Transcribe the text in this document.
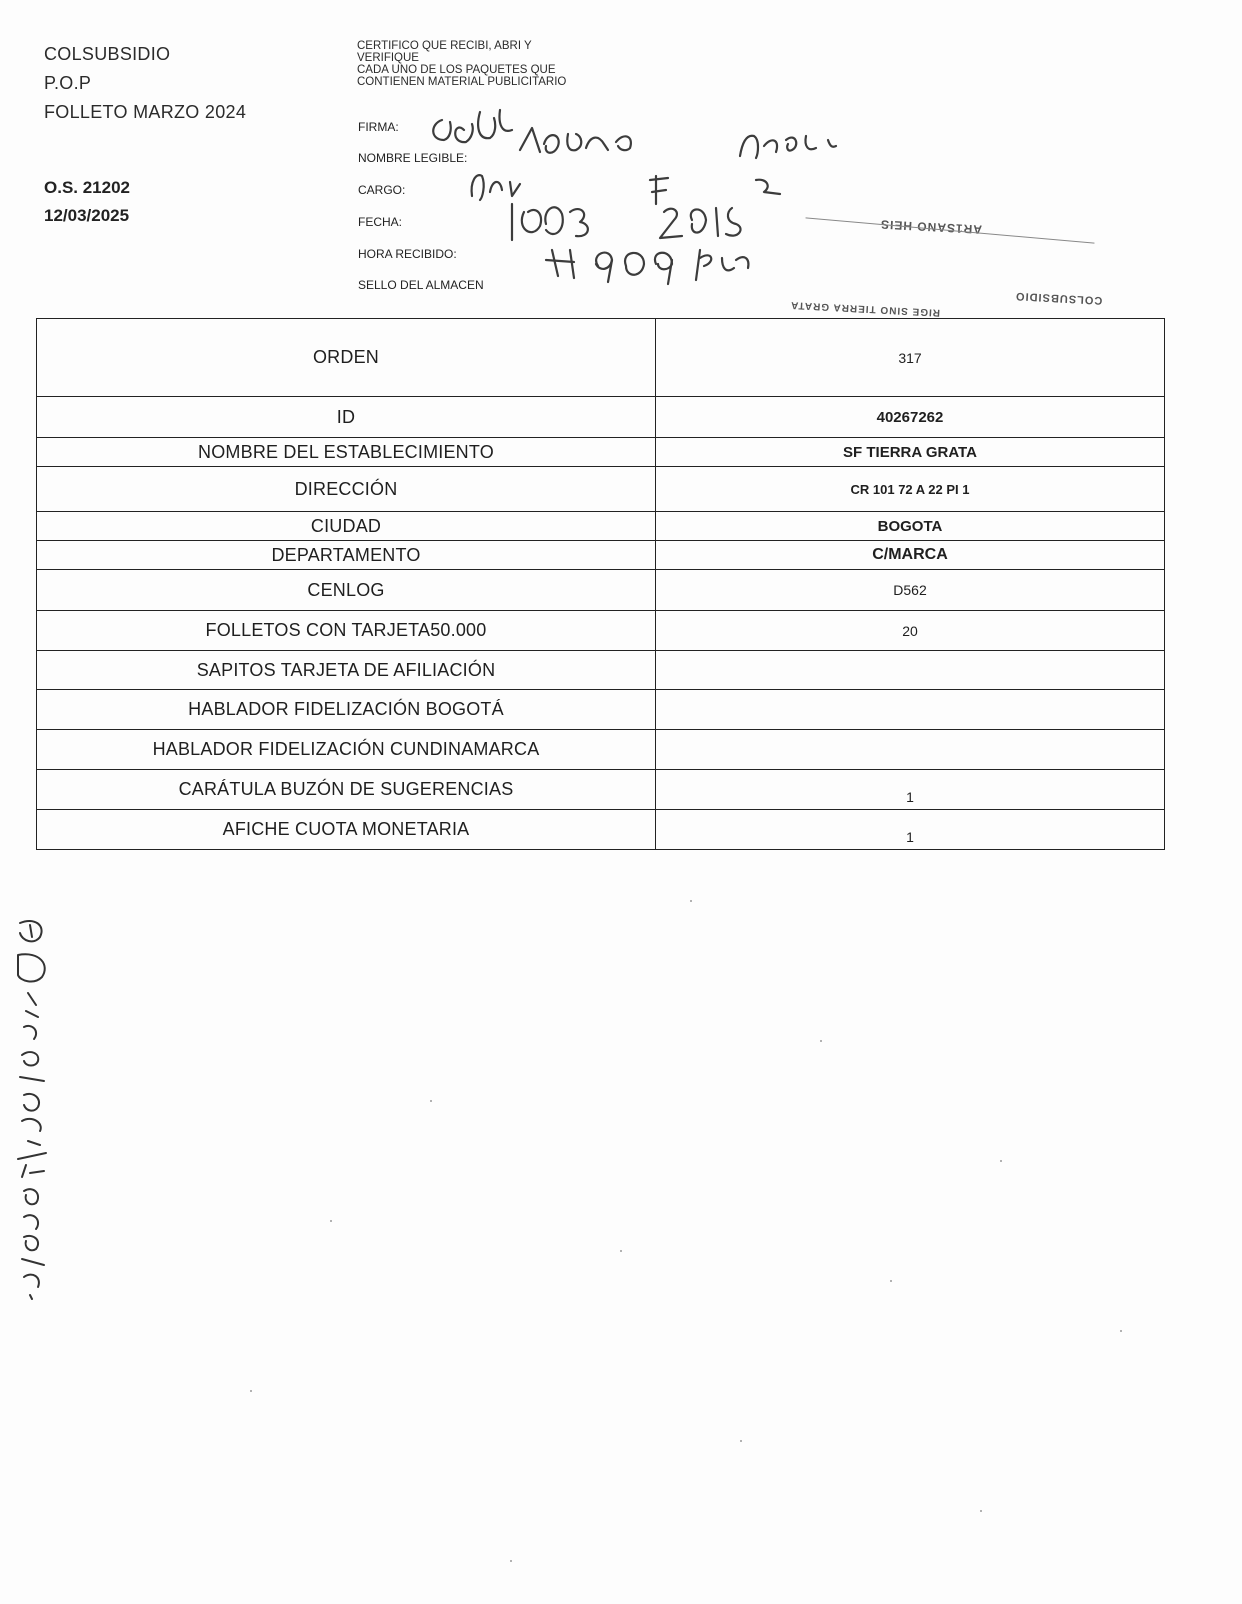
COLSUBSIDIO
P.O.P
FOLLETO MARZO 2024
O.S. 21202
12/03/2025
CERTIFICO QUE RECIBI, ABRI Y
VERIFIQUE
CADA UNO DE LOS PAQUETES QUE
CONTIENEN MATERIAL PUBLICITARIO
FIRMA:
NOMBRE LEGIBLE:
CARGO:
FECHA:
HORA RECIBIDO:
SELLO DEL ALMACEN
AR1SANO HEIS
COLSUBSIDIO
RIGE SINO TIERRA GRATA
ORDEN	317
ID	40267262
NOMBRE DEL ESTABLECIMIENTO	SF TIERRA GRATA
DIRECCIÓN	CR 101 72 A 22 PI 1
CIUDAD	BOGOTA
DEPARTAMENTO	C/MARCA
CENLOG	D562
FOLLETOS CON TARJETA50.000	20
SAPITOS TARJETA DE AFILIACIÓN	
HABLADOR FIDELIZACIÓN BOGOTÁ	
HABLADOR FIDELIZACIÓN CUNDINAMARCA	
CARÁTULA BUZÓN DE SUGERENCIAS	1
AFICHE CUOTA MONETARIA	1
